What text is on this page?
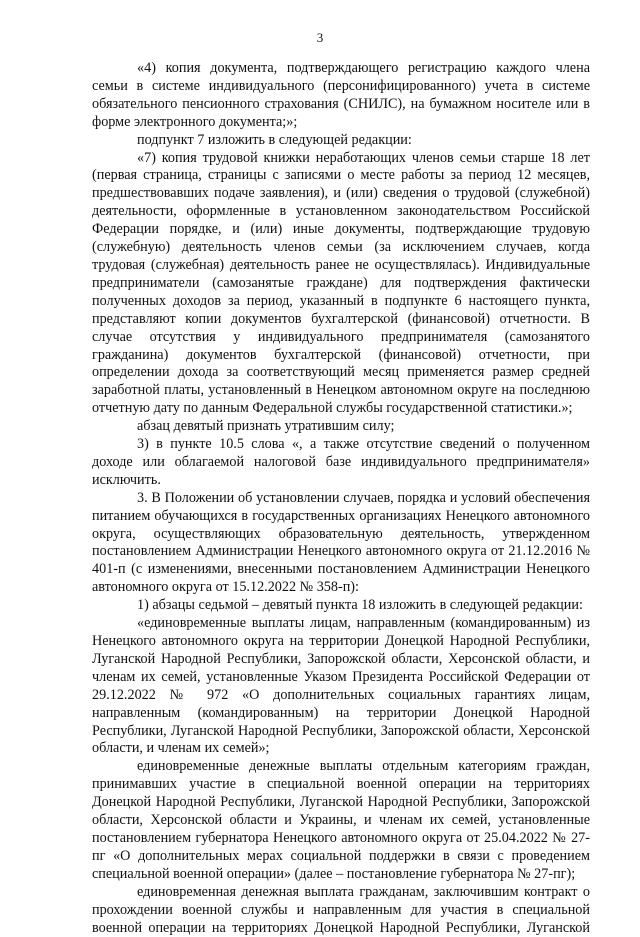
3

«4) копия документа, подтверждающего регистрацию каждого члена семьи в системе индивидуального (персонифицированного) учета в системе обязательного пенсионного страхования (СНИЛС), на бумажном носителе или в форме электронного документа;»;

подпункт 7 изложить в следующей редакции:

«7) копия трудовой книжки неработающих членов семьи старше 18 лет (первая страница, страницы с записями о месте работы за период 12 месяцев, предшествовавших подаче заявления), и (или) сведения о трудовой (служебной) деятельности, оформленные в установленном законодательством Российской Федерации порядке, и (или) иные документы, подтверждающие трудовую (служебную) деятельность членов семьи (за исключением случаев, когда трудовая (служебная) деятельность ранее не осуществлялась). Индивидуальные предприниматели (самозанятые граждане) для подтверждения фактически полученных доходов за период, указанный в подпункте 6 настоящего пункта, представляют копии документов бухгалтерской (финансовой) отчетности. В случае отсутствия у индивидуального предпринимателя (самозанятого гражданина) документов бухгалтерской (финансовой) отчетности, при определении дохода за соответствующий месяц применяется размер средней заработной платы, установленный в Ненецком автономном округе на последнюю отчетную дату по данным Федеральной службы государственной статистики.»;

абзац девятый признать утратившим силу;

3) в пункте 10.5 слова «, а также отсутствие сведений о полученном доходе или облагаемой налоговой базе индивидуального предпринимателя» исключить.

3. В Положении об установлении случаев, порядка и условий обеспечения питанием обучающихся в государственных организациях Ненецкого автономного округа, осуществляющих образовательную деятельность, утвержденном постановлением Администрации Ненецкого автономного округа от 21.12.2016 № 401-п (с изменениями, внесенными постановлением Администрации Ненецкого автономного округа от 15.12.2022 № 358-п):

1) абзацы седьмой – девятый пункта 18 изложить в следующей редакции:

«единовременные выплаты лицам, направленным (командированным) из Ненецкого автономного округа на территории Донецкой Народной Республики, Луганской Народной Республики, Запорожской области, Херсонской области, и членам их семей, установленные Указом Президента Российской Федерации от 29.12.2022 № 972 «О дополнительных социальных гарантиях лицам, направленным (командированным) на территории Донецкой Народной Республики, Луганской Народной Республики, Запорожской области, Херсонской области, и членам их семей»;

единовременные денежные выплаты отдельным категориям граждан, принимавших участие в специальной военной операции на территориях Донецкой Народной Республики, Луганской Народной Республики, Запорожской области, Херсонской области и Украины, и членам их семей, установленные постановлением губернатора Ненецкого автономного округа от 25.04.2022 № 27-пг «О дополнительных мерах социальной поддержки в связи с проведением специальной военной операции» (далее – постановление губернатора № 27-пг);

единовременная денежная выплата гражданам, заключившим контракт о прохождении военной службы и направленным для участия в специальной военной операции на территориях Донецкой Народной Республики, Луганской
